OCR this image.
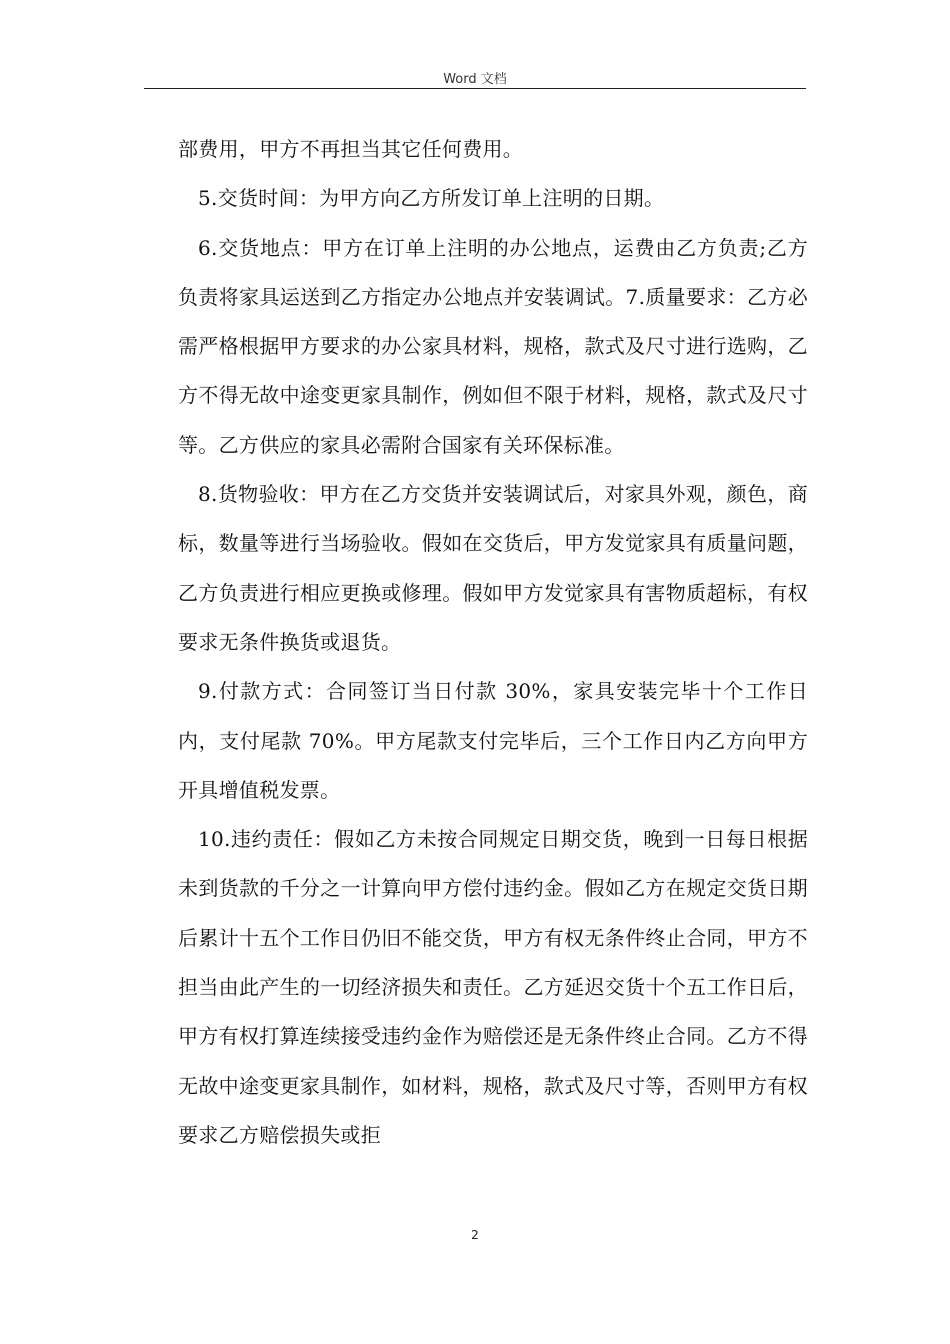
Word 文档

部费用，甲方不再担当其它任何费用。

5.交货时间：为甲方向乙方所发订单上注明的日期。

6.交货地点：甲方在订单上注明的办公地点，运费由乙方负责;乙方负责将家具运送到乙方指定办公地点并安装调试。7.质量要求：乙方必需严格根据甲方要求的办公家具材料，规格，款式及尺寸进行选购，乙方不得无故中途变更家具制作，例如但不限于材料，规格，款式及尺寸等。乙方供应的家具必需附合国家有关环保标准。

8.货物验收：甲方在乙方交货并安装调试后，对家具外观，颜色，商标，数量等进行当场验收。假如在交货后，甲方发觉家具有质量问题，乙方负责进行相应更换或修理。假如甲方发觉家具有害物质超标，有权要求无条件换货或退货。

9.付款方式：合同签订当日付款 30%，家具安装完毕十个工作日内，支付尾款 70%。甲方尾款支付完毕后，三个工作日内乙方向甲方开具增值税发票。

10.违约责任：假如乙方未按合同规定日期交货，晚到一日每日根据未到货款的千分之一计算向甲方偿付违约金。假如乙方在规定交货日期后累计十五个工作日仍旧不能交货，甲方有权无条件终止合同，甲方不担当由此产生的一切经济损失和责任。乙方延迟交货十个五工作日后，甲方有权打算连续接受违约金作为赔偿还是无条件终止合同。乙方不得无故中途变更家具制作，如材料，规格，款式及尺寸等，否则甲方有权要求乙方赔偿损失或拒

2
